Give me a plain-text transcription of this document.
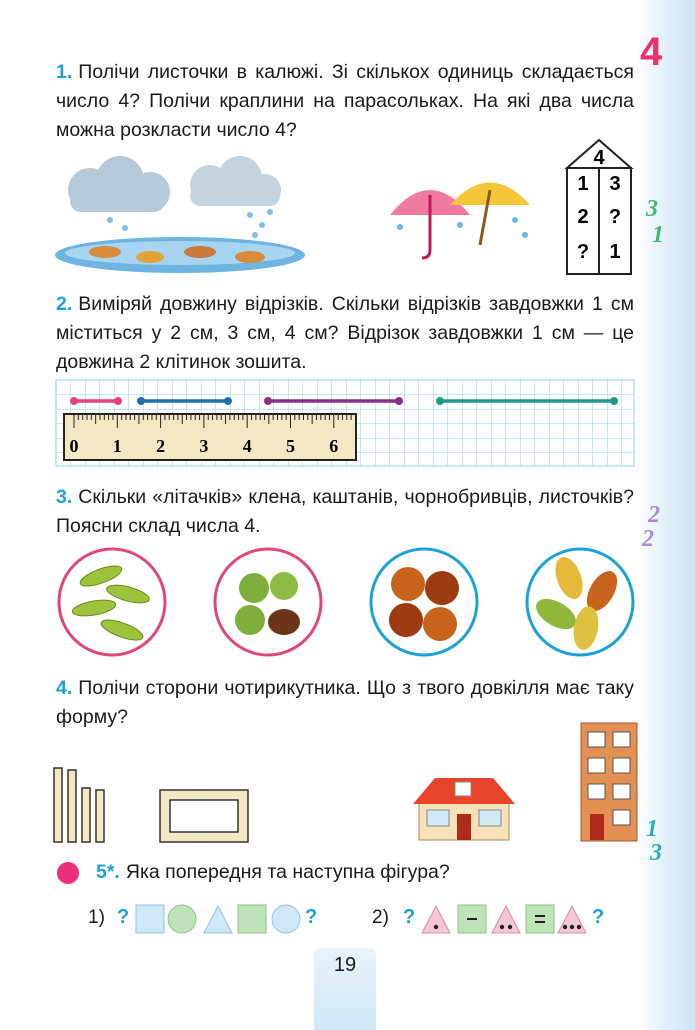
4
1. Полічи листочки в калюжі. Зі скількох одиниць складається число 4? Полічи краплини на парасольках. На які два числа можна розкласти число 4?
4
1 3
2 ?
? 1
3
1
2. Виміряй довжину відрізків. Скільки відрізків завдовжки 1 см міститься у 2 см, 3 см, 4 см? Відрізок завдовжки 1 см — це довжина 2 клітинок зошита.
0 1 2 3 4 5 6
3. Скільки «літачків» клена, каштанів, чорнобривців, листочків? Поясни склад числа 4.	2
2
4. Полічи сторони чотирикутника. Що з твого довкілля має таку форму?
1
3
5*. Яка попередня та наступна фігура?
1) ?	?	2) ?	?
19
